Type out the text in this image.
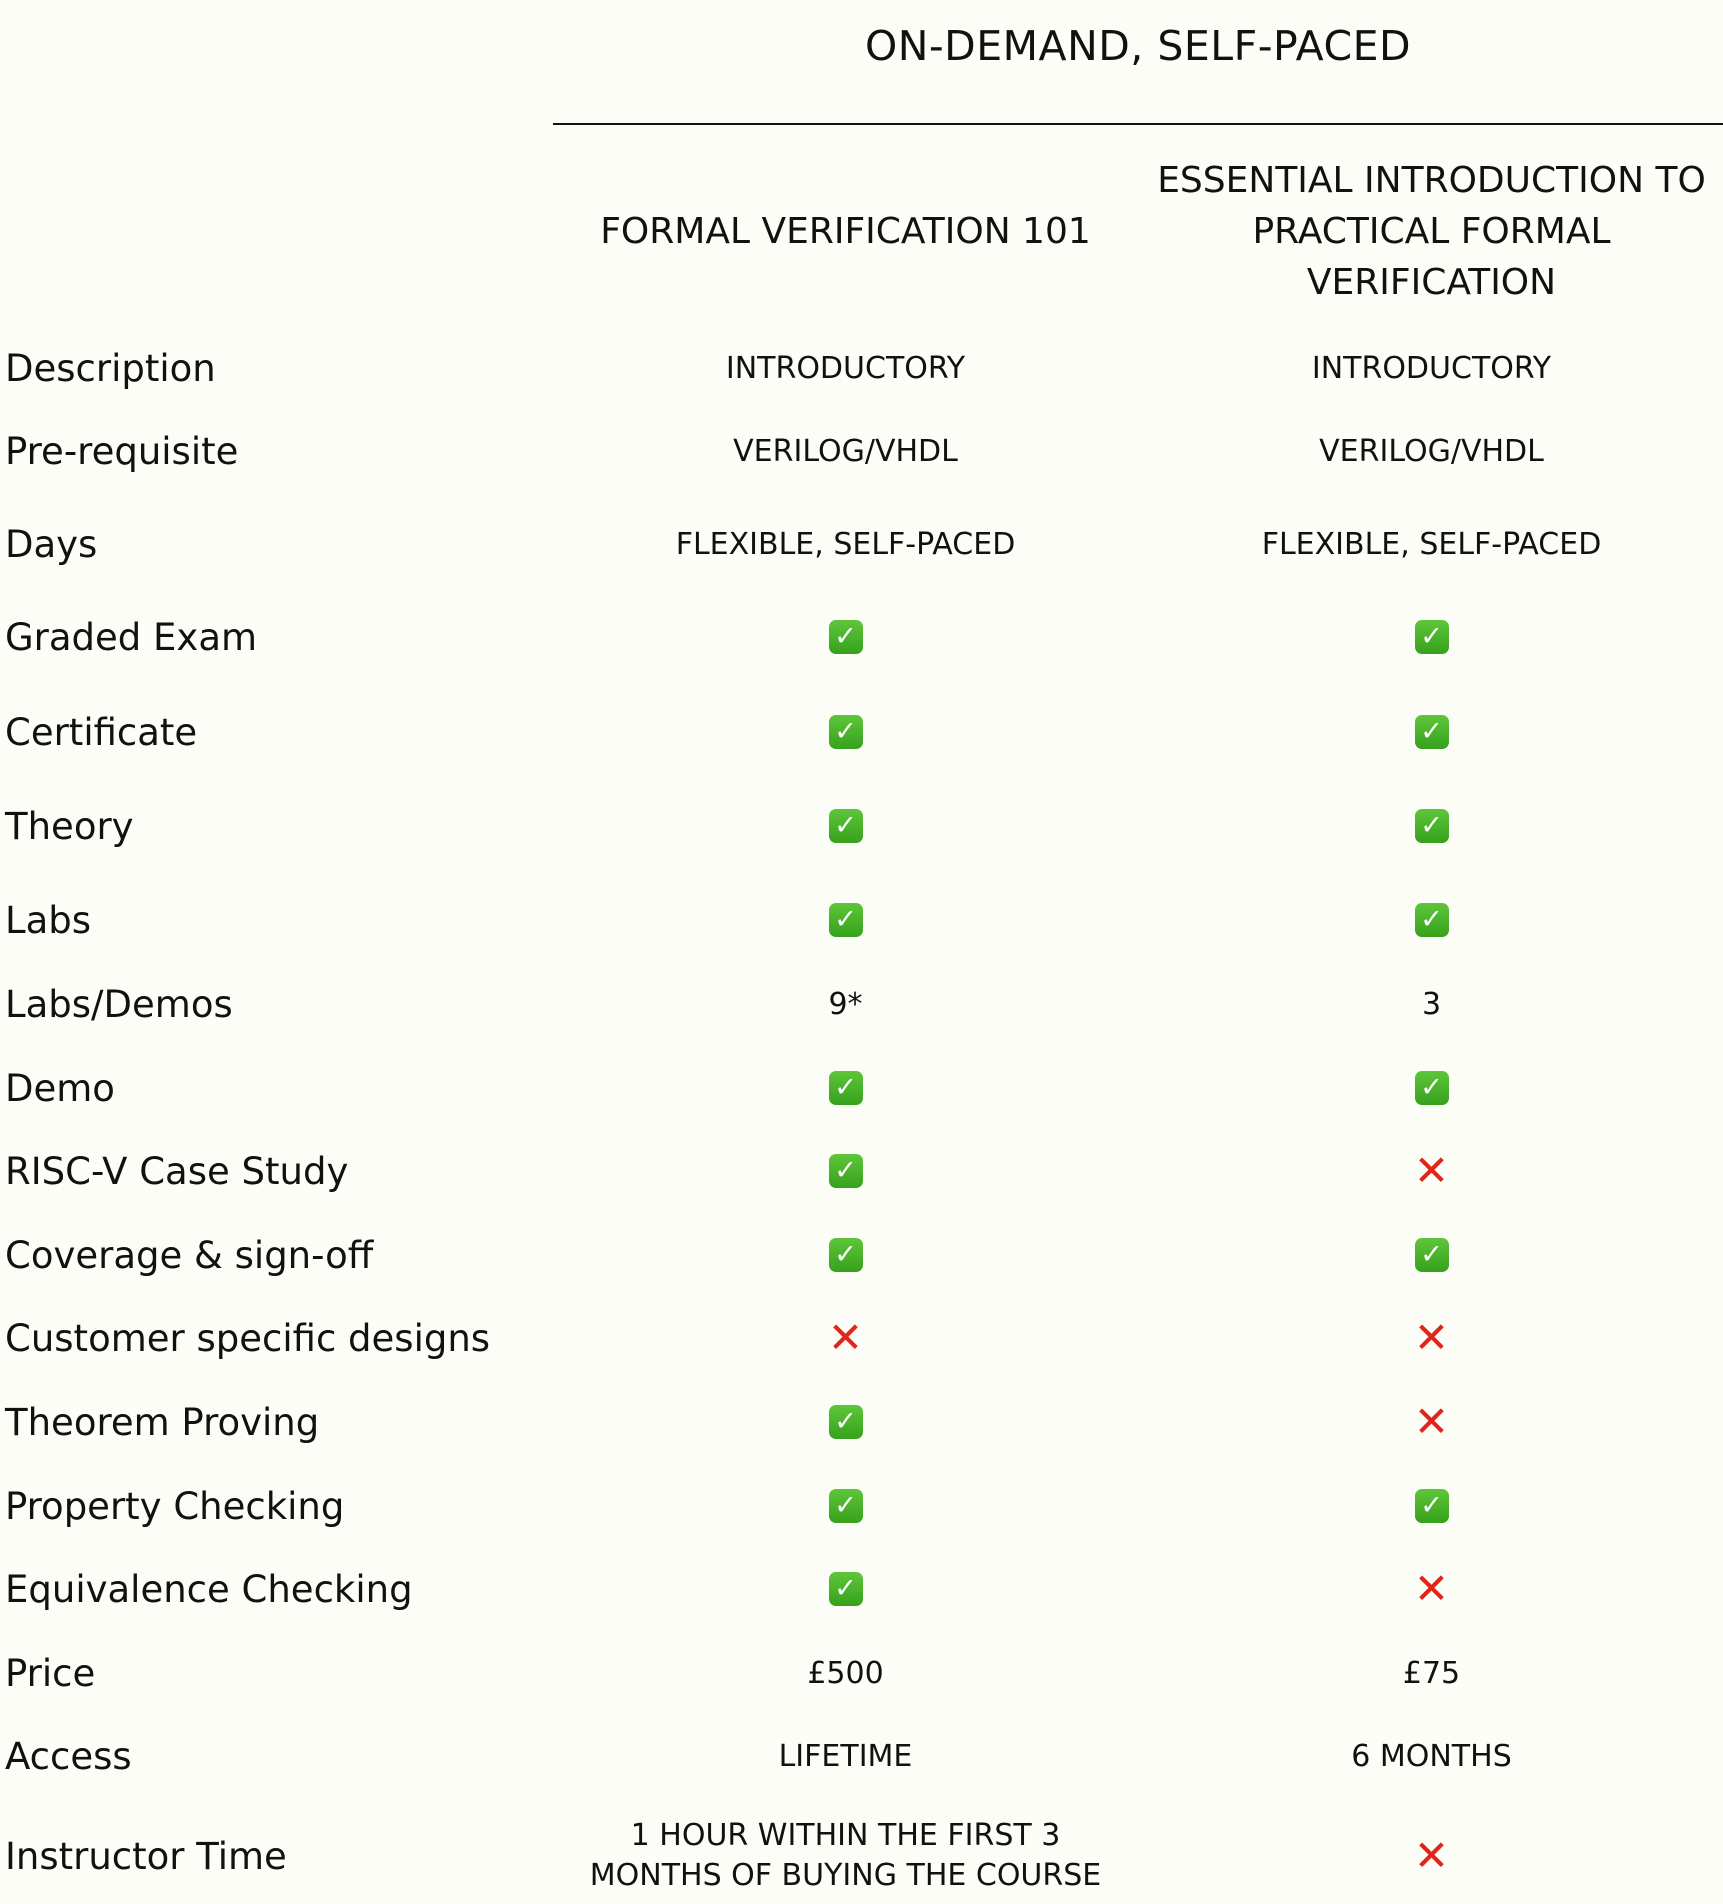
ON-DEMAND, SELF-PACED
FORMAL VERIFICATION 101
ESSENTIAL INTRODUCTION TO PRACTICAL FORMAL VERIFICATION
Description	INTRODUCTORY	INTRODUCTORY
Pre-requisite	VERILOG/VHDL	VERILOG/VHDL
Days	FLEXIBLE, SELF-PACED	FLEXIBLE, SELF-PACED
Graded Exam	✓	✓
Certificate	✓	✓
Theory	✓	✓
Labs	✓	✓
Labs/Demos	9*	3
Demo	✓	✓
RISC-V Case Study	✓	✕
Coverage & sign-off	✓	✓
Customer specific designs	✕	✕
Theorem Proving	✓	✕
Property Checking	✓	✓
Equivalence Checking	✓	✕
Price	£500	£75
Access	LIFETIME	6 MONTHS
Instructor Time	1 HOUR WITHIN THE FIRST 3 MONTHS OF BUYING THE COURSE	✕
